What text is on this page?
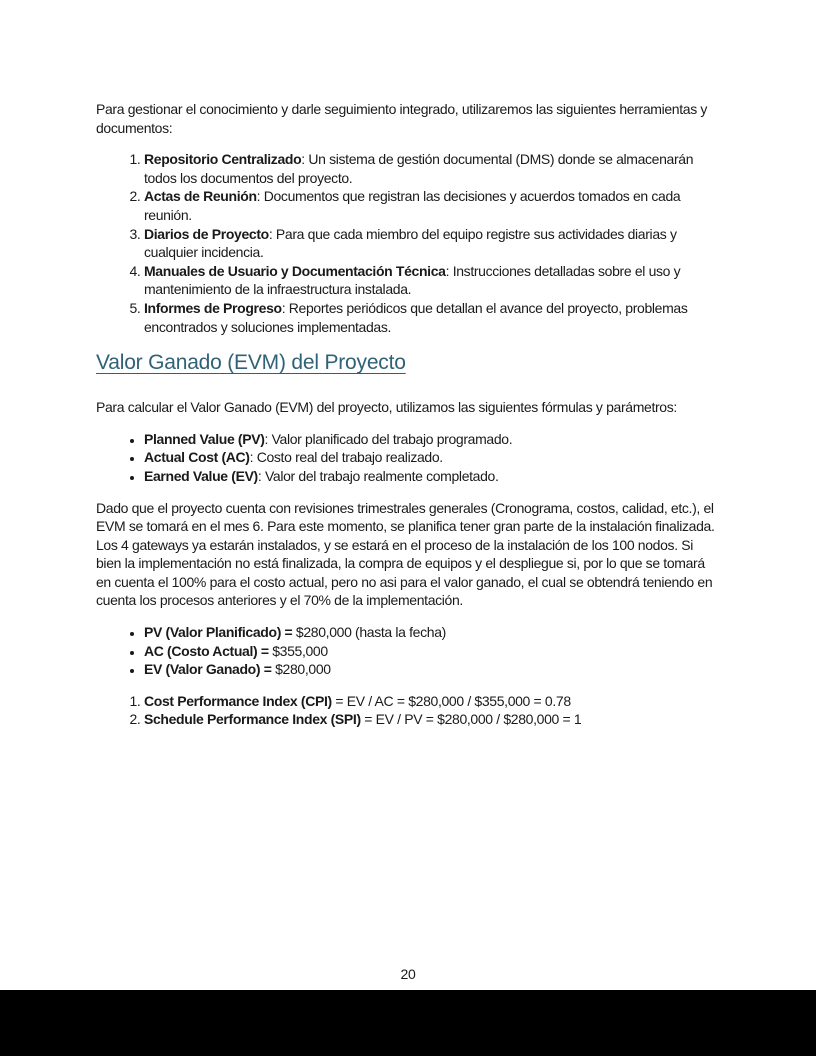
Para gestionar el conocimiento y darle seguimiento integrado, utilizaremos las siguientes herramientas y documentos:

1. Repositorio Centralizado: Un sistema de gestión documental (DMS) donde se almacenarán todos los documentos del proyecto.
2. Actas de Reunión: Documentos que registran las decisiones y acuerdos tomados en cada reunión.
3. Diarios de Proyecto: Para que cada miembro del equipo registre sus actividades diarias y cualquier incidencia.
4. Manuales de Usuario y Documentación Técnica: Instrucciones detalladas sobre el uso y mantenimiento de la infraestructura instalada.
5. Informes de Progreso: Reportes periódicos que detallan el avance del proyecto, problemas encontrados y soluciones implementadas.
Valor Ganado (EVM) del Proyecto

Para calcular el Valor Ganado (EVM) del proyecto, utilizamos las siguientes fórmulas y parámetros:

• Planned Value (PV): Valor planificado del trabajo programado.
• Actual Cost (AC): Costo real del trabajo realizado.
• Earned Value (EV): Valor del trabajo realmente completado.

Dado que el proyecto cuenta con revisiones trimestrales generales (Cronograma, costos, calidad, etc.), el EVM se tomará en el mes 6. Para este momento, se planifica tener gran parte de la instalación finalizada. Los 4 gateways ya estarán instalados, y se estará en el proceso de la instalación de los 100 nodos. Si bien la implementación no está finalizada, la compra de equipos y el despliegue si, por lo que se tomará en cuenta el 100% para el costo actual, pero no asi para el valor ganado, el cual se obtendrá teniendo en cuenta los procesos anteriores y el 70% de la implementación.

• PV (Valor Planificado) = $280,000 (hasta la fecha)
• AC (Costo Actual) = $355,000
• EV (Valor Ganado) = $280,000
1. Cost Performance Index (CPI) = EV / AC = $280,000 / $355,000 = 0.78
2. Schedule Performance Index (SPI) = EV / PV = $280,000 / $280,000 = 1
20
